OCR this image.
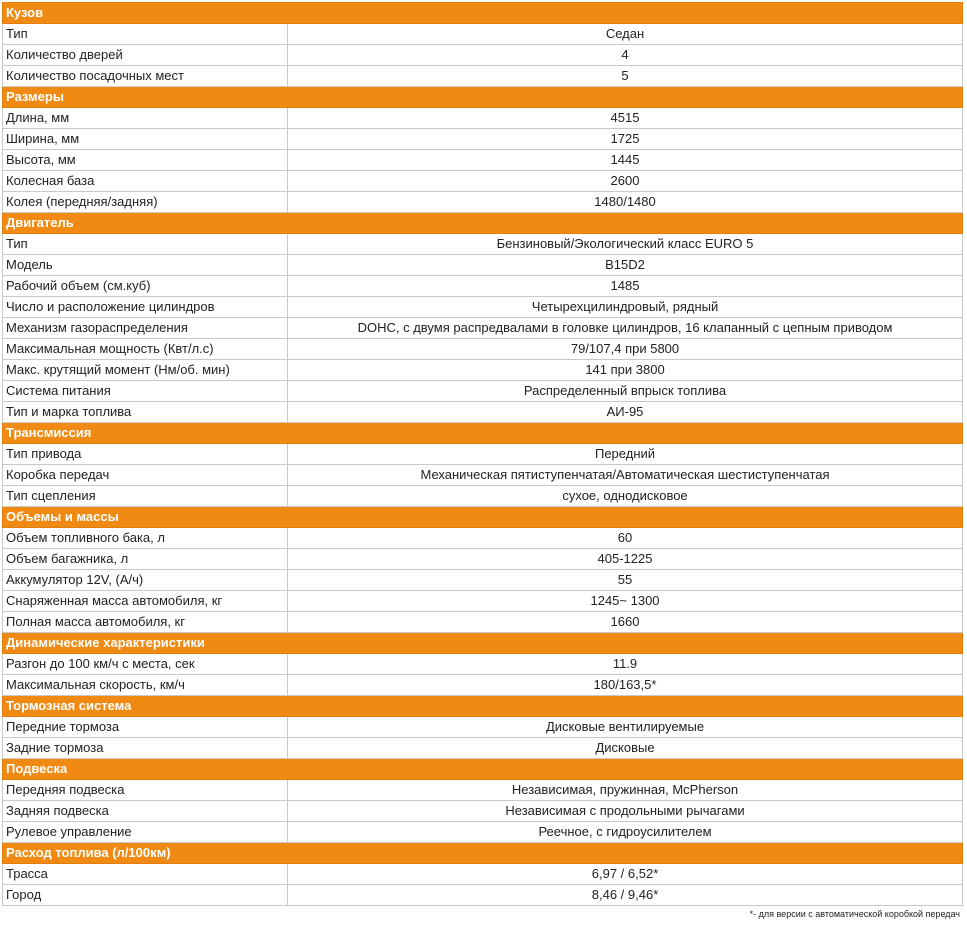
Кузов	
Тип	Седан
Количество дверей	4
Количество посадочных мест	5
Размеры	
Длина, мм	4515
Ширина, мм	1725
Высота, мм	1445
Колесная база	2600
Колея (передняя/задняя)	1480/1480
Двигатель	
Тип	Бензиновый/Экологический класс EURO 5
Модель	B15D2
Рабочий объем (см.куб)	1485
Число и расположение цилиндров	Четырехцилиндровый, рядный
Механизм газораспределения	DOHC, с двумя распредвалами в головке цилиндров, 16 клапанный с цепным приводом
Максимальная мощность (Квт/л.с)	79/107,4 при 5800
Макс. крутящий момент (Нм/об. мин)	141 при 3800
Система питания	Распределенный впрыск топлива
Тип и марка топлива	АИ-95
Трансмиссия	
Тип привода	Передний
Коробка передач	Механическая пятиступенчатая/Автоматическая шестиступенчатая
Тип сцепления	сухое, однодисковое
Объемы и массы	
Объем топливного бака, л	60
Объем багажника, л	405-1225
Аккумулятор 12V, (А/ч)	55
Снаряженная масса автомобиля, кг	1245~ 1300
Полная масса автомобиля, кг	1660
Динамические характеристики	
Разгон до 100 км/ч с места, сек	11.9
Максимальная скорость, км/ч	180/163,5*
Тормозная система	
Передние тормоза	Дисковые вентилируемые
Задние тормоза	Дисковые
Подвеска	
Передняя подвеска	Независимая, пружинная, McPherson
Задняя подвеска	Независимая с продольными рычагами
Рулевое управление	Реечное, с гидроусилителем
Расход топлива (л/100км)	
Трасса	6,97 / 6,52*
Город	8,46 / 9,46*
*- для версии с автоматической коробкой передач
